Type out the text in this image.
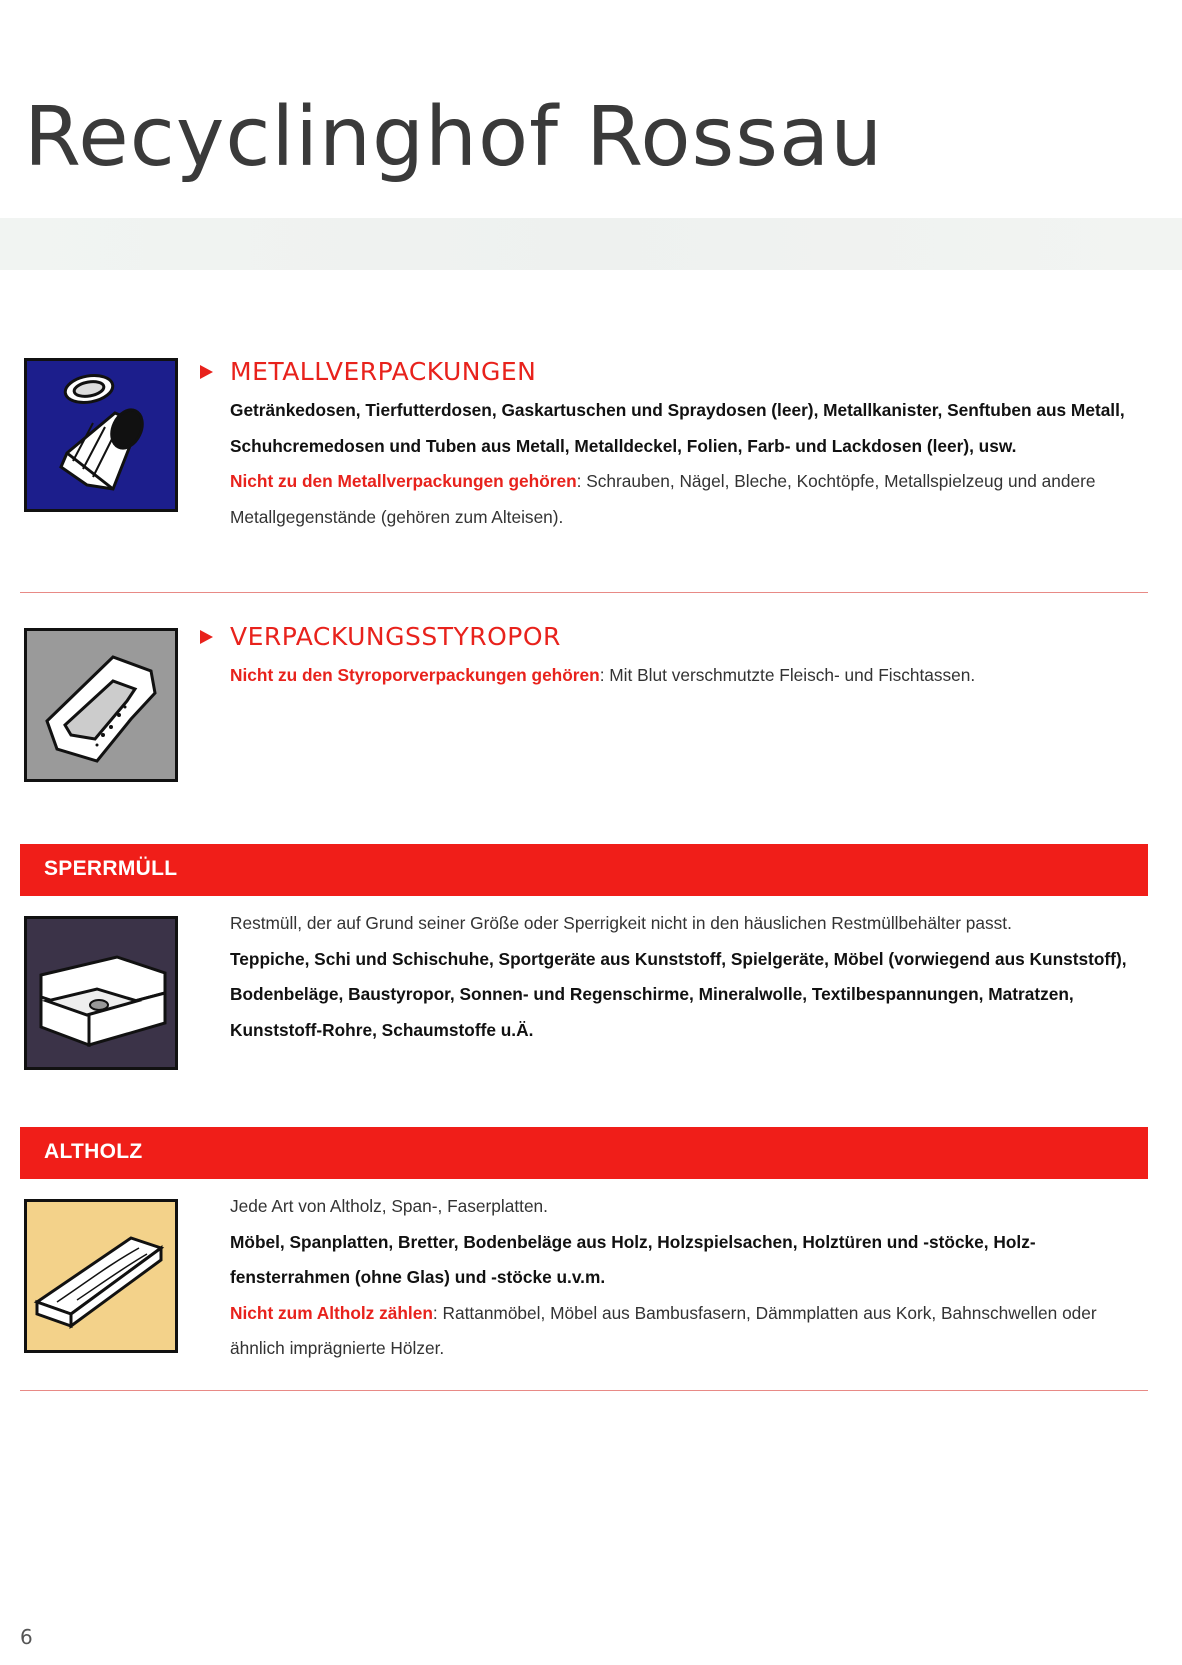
Recyclinghof Rossau
METALLVERPACKUNGEN

Getränkedosen, Tierfutterdosen, Gaskartuschen und Spraydosen (leer), Metallkanister, Senftuben aus Metall, Schuhcremedosen und Tuben aus Metall, Metalldeckel, Folien, Farb- und Lackdosen (leer), usw.

Nicht zu den Metallverpackungen gehören: Schrauben, Nägel, Bleche, Kochtöpfe, Metallspielzeug und andere Metallgegenstände (gehören zum Alteisen).

VERPACKUNGSSTYROPOR

Nicht zu den Styroporverpackungen gehören: Mit Blut verschmutzte Fleisch- und Fischtassen.

SPERRMÜLL

Restmüll, der auf Grund seiner Größe oder Sperrigkeit nicht in den häuslichen Restmüllbehälter passt.

Teppiche, Schi und Schischuhe, Sportgeräte aus Kunststoff, Spielgeräte, Möbel (vorwiegend aus Kunststoff), Bodenbeläge, Baustyropor, Sonnen- und Regenschirme, Mineralwolle, Textilbespannungen, Matratzen, Kunststoff-Rohre, Schaumstoffe u.Ä.

ALTHOLZ

Jede Art von Altholz, Span-, Faserplatten.

Möbel, Spanplatten, Bretter, Bodenbeläge aus Holz, Holzspielsachen, Holztüren und -stöcke, Holzfensterrahmen (ohne Glas) und -stöcke u.v.m.

Nicht zum Altholz zählen: Rattanmöbel, Möbel aus Bambusfasern, Dämmplatten aus Kork, Bahnschwellen oder ähnlich imprägnierte Hölzer.

6
